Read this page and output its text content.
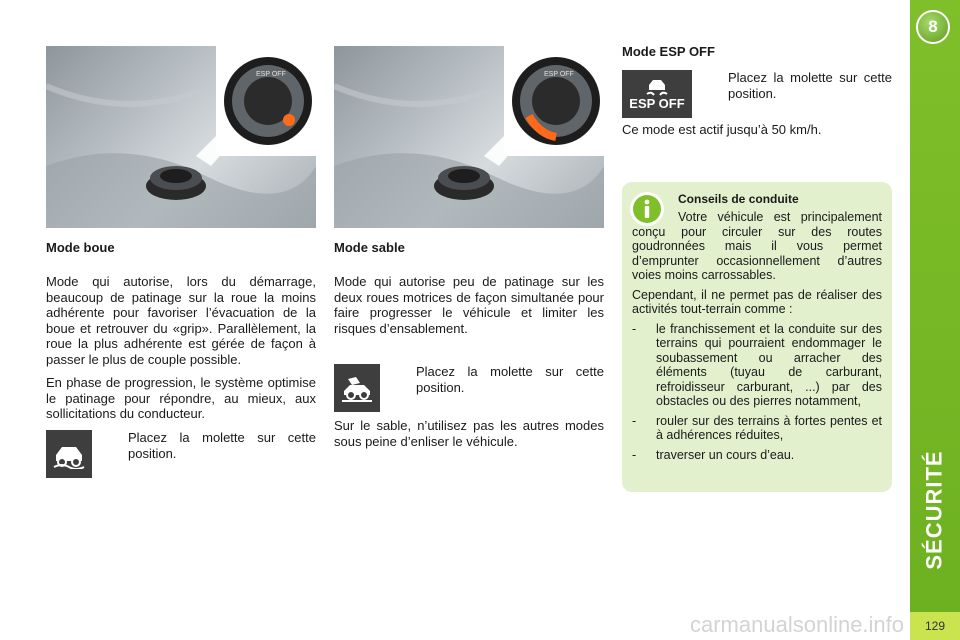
8
SÉCURITÉ
129
ESP OFF	ESP OFF
Mode boue

Mode qui autorise, lors du démarrage, beaucoup de patinage sur la roue la moins adhérente pour favoriser l’évacuation de la boue et retrouver du «grip». Parallèlement, la roue la plus adhérente est gérée de façon à passer le plus de couple possible.

En phase de progression, le système optimise le patinage pour répondre, au mieux, aux sollicitations du conducteur.

Placez la molette sur cette position.
Mode sable

Mode qui autorise peu de patinage sur les deux roues motrices de façon simultanée pour faire progresser le véhicule et limiter les risques d’ensablement.

Placez la molette sur cette position.

Sur le sable, n’utilisez pas les autres modes sous peine d’enliser le véhicule.

Mode ESP OFF
ESP OFF
Placez la molette sur cette position.
Ce mode est actif jusqu’à 50 km/h.
Conseils de conduite

Votre véhicule est principalement conçu pour circuler sur des routes goudronnées mais il vous permet d’emprunter occasionnellement d’autres voies moins carrossables.

Cependant, il ne permet pas de réaliser des activités tout-terrain comme :

-	le franchissement et la conduite sur des terrains qui pourraient endommager le soubassement ou arracher des éléments (tuyau de carburant, refroidisseur carburant, ...) par des obstacles ou des pierres notamment,
-	rouler sur des terrains à fortes pentes et à adhérences réduites,
-	traverser un cours d’eau.
carmanualsonline.info
